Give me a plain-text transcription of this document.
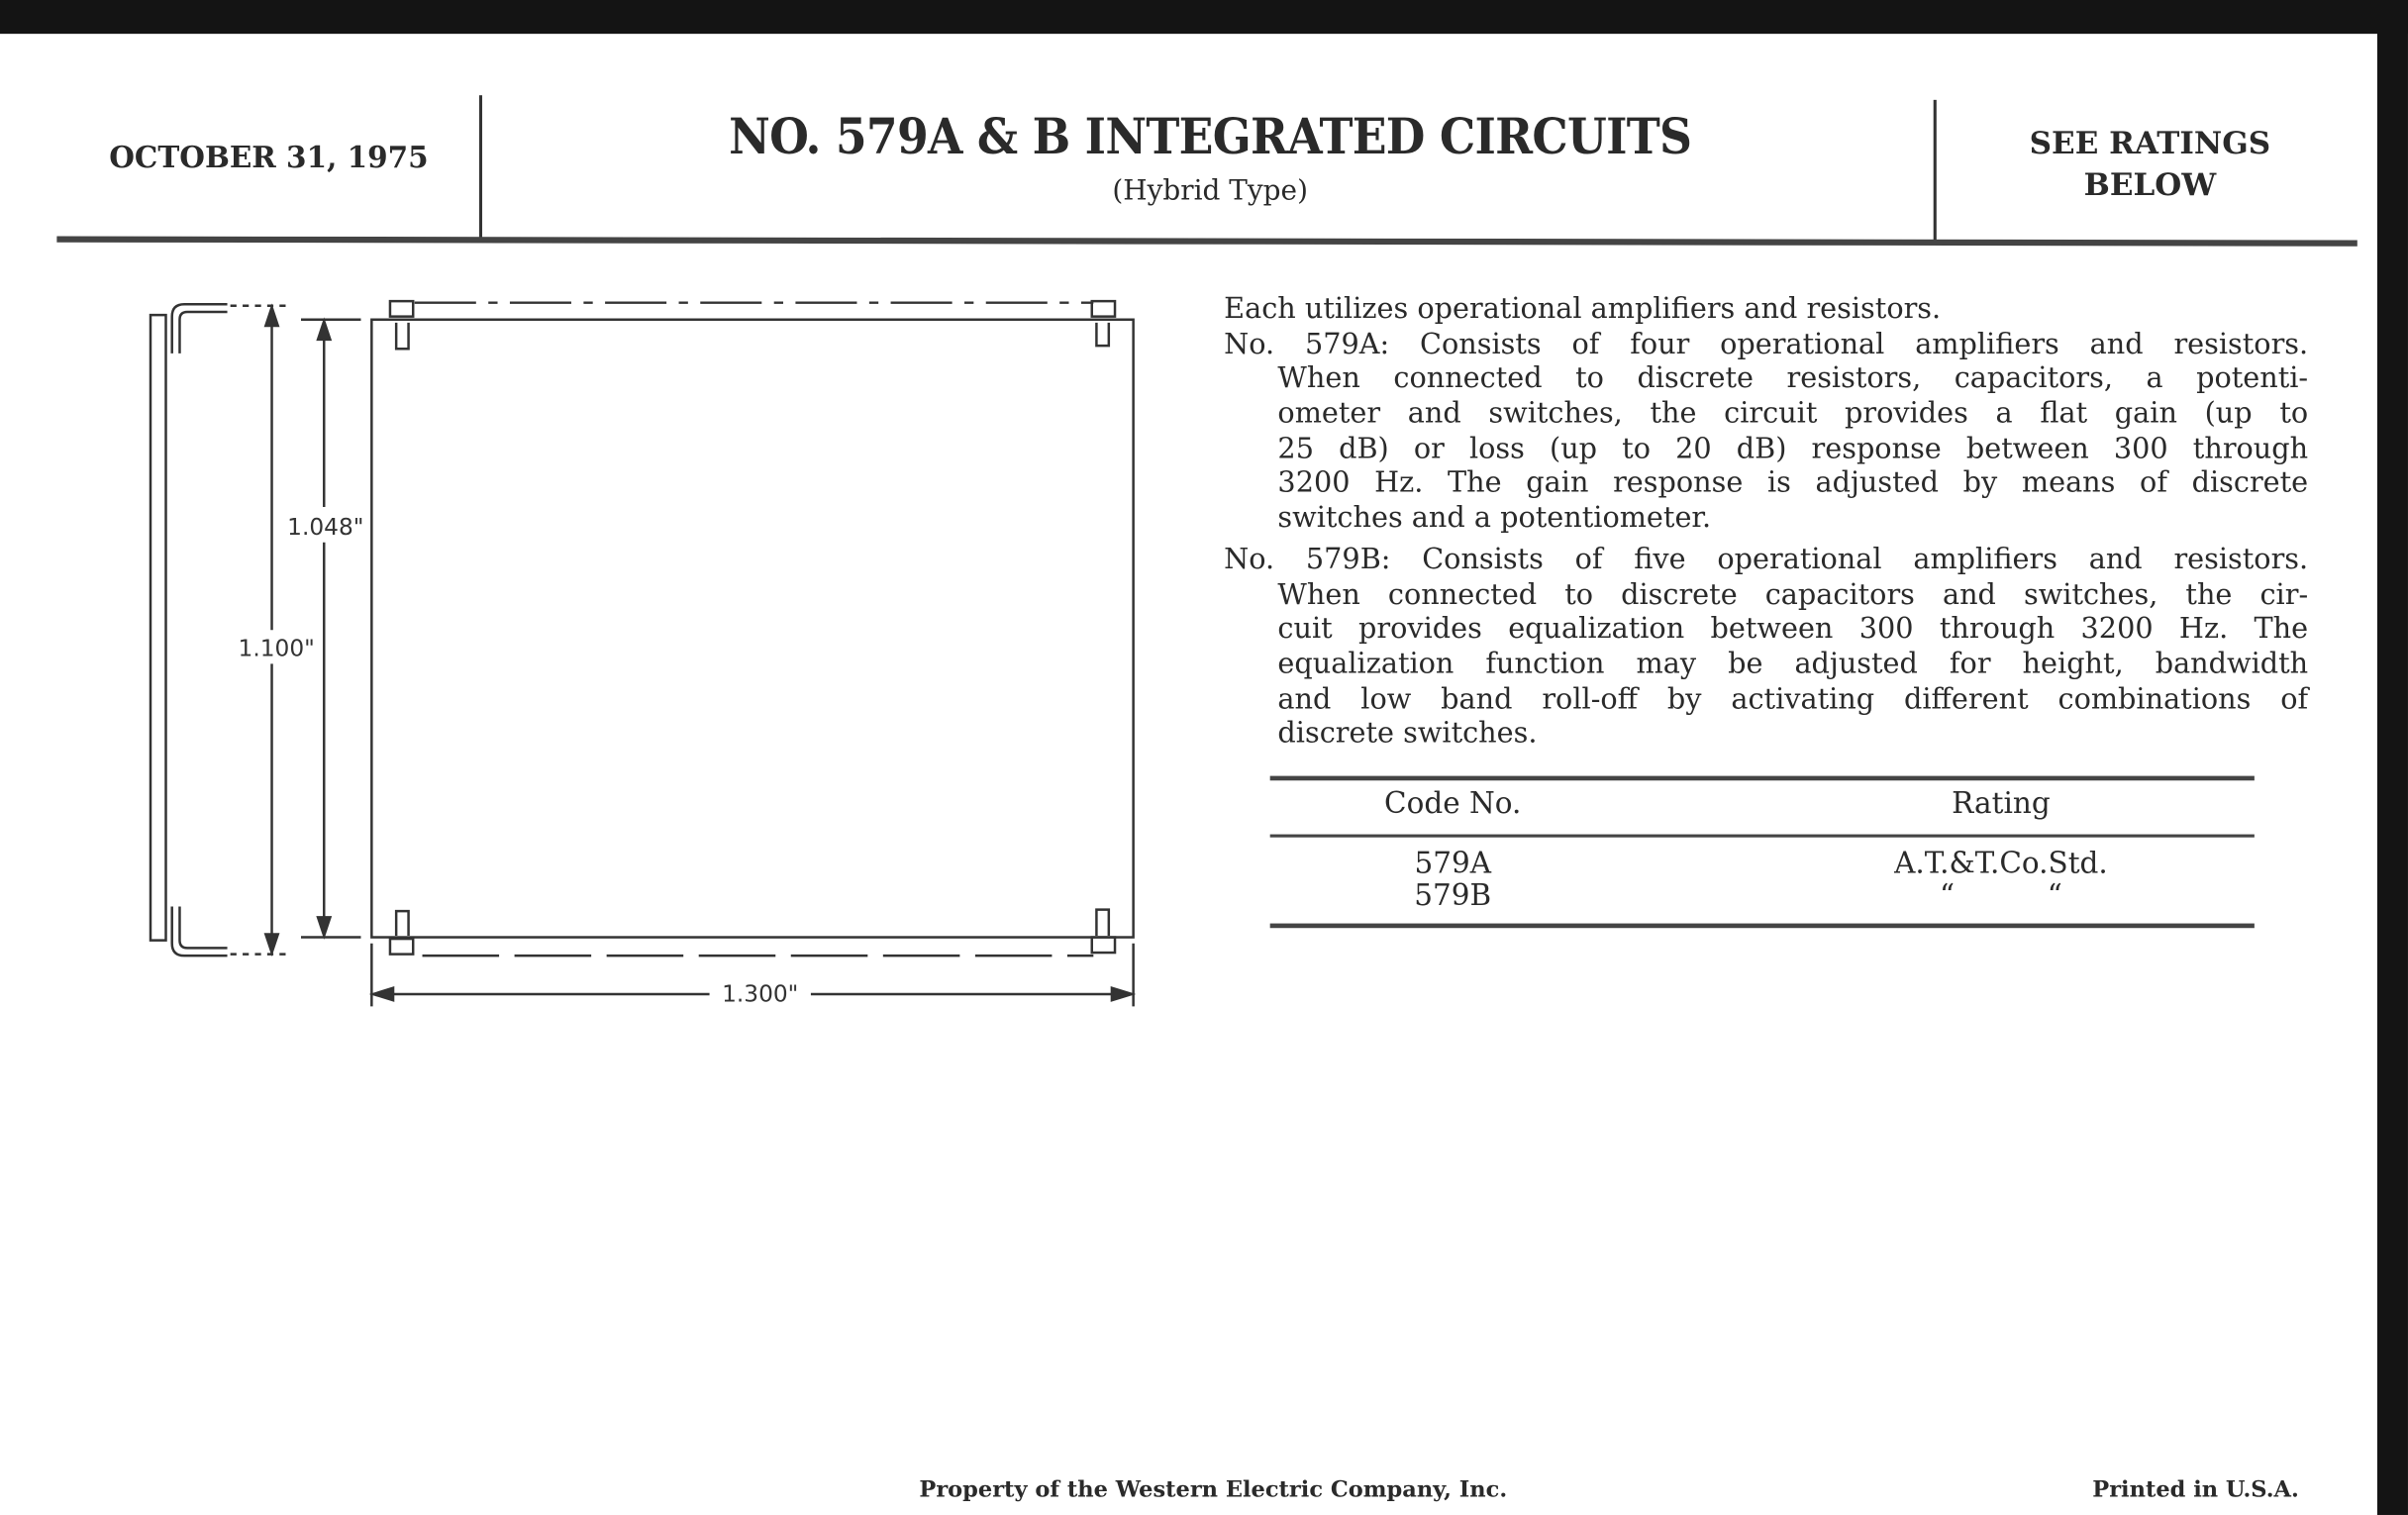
OCTOBER 31, 1975	NO. 579A & B INTEGRATED CIRCUITS
(Hybrid Type)
SEE RATINGS
BELOW
1.048"
1.100"
1.300"
Each utilizes operational amplifiers and resistors.
No. 579A: Consists of four operational amplifiers and resistors.
When connected to discrete resistors, capacitors, a potenti-
ometer and switches, the circuit provides a flat gain (up to
25 dB) or loss (up to 20 dB) response between 300 through
3200 Hz. The gain response is adjusted by means of discrete
switches and a potentiometer.
No. 579B: Consists of five operational amplifiers and resistors.
When connected to discrete capacitors and switches, the cir-
cuit provides equalization between 300 through 3200 Hz. The
equalization function may be adjusted for height, bandwidth
and low band roll-off by activating different combinations of
discrete switches.
Code No.	Rating
579A	A.T.&T.Co.Std.
579B	“          “
Property of the Western Electric Company, Inc.	Printed in U.S.A.
